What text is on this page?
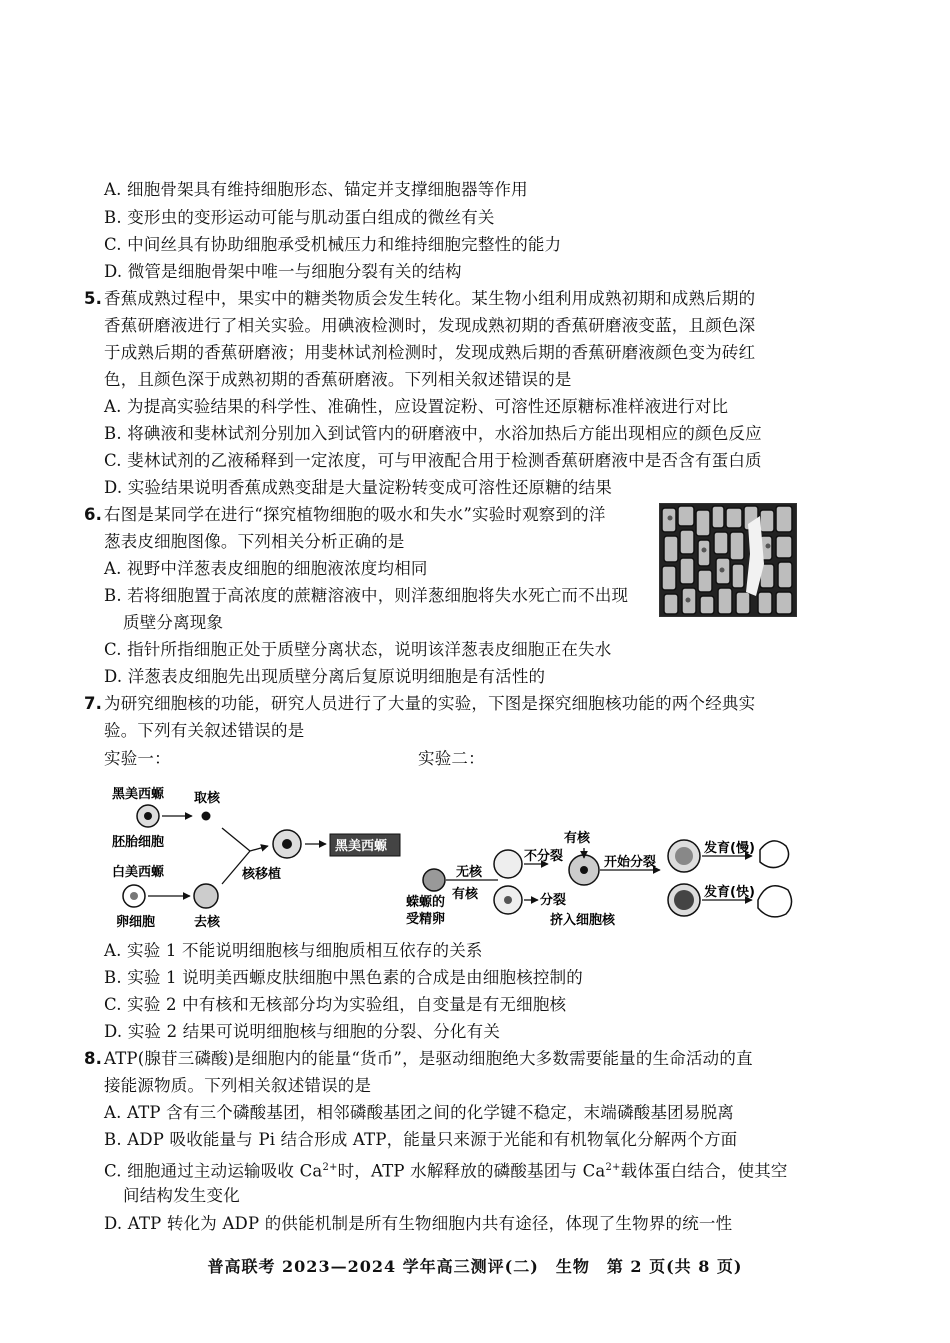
A. 细胞骨架具有维持细胞形态、锚定并支撑细胞器等作用
B. 变形虫的变形运动可能与肌动蛋白组成的微丝有关
C. 中间丝具有协助细胞承受机械压力和维持细胞完整性的能力
D. 微管是细胞骨架中唯一与细胞分裂有关的结构
5. 香蕉成熟过程中，果实中的糖类物质会发生转化。某生物小组利用成熟初期和成熟后期的
香蕉研磨液进行了相关实验。用碘液检测时，发现成熟初期的香蕉研磨液变蓝，且颜色深
于成熟后期的香蕉研磨液；用斐林试剂检测时，发现成熟后期的香蕉研磨液颜色变为砖红
色，且颜色深于成熟初期的香蕉研磨液。下列相关叙述错误的是
A. 为提高实验结果的科学性、准确性，应设置淀粉、可溶性还原糖标准样液进行对比
B. 将碘液和斐林试剂分别加入到试管内的研磨液中，水浴加热后方能出现相应的颜色反应
C. 斐林试剂的乙液稀释到一定浓度，可与甲液配合用于检测香蕉研磨液中是否含有蛋白质
D. 实验结果说明香蕉成熟变甜是大量淀粉转变成可溶性还原糖的结果
6. 右图是某同学在进行“探究植物细胞的吸水和失水”实验时观察到的洋
葱表皮细胞图像。下列相关分析正确的是
A. 视野中洋葱表皮细胞的细胞液浓度均相同
B. 若将细胞置于高浓度的蔗糖溶液中，则洋葱细胞将失水死亡而不出现
质壁分离现象
C. 指针所指细胞正处于质壁分离状态，说明该洋葱表皮细胞正在失水
D. 洋葱表皮细胞先出现质壁分离后复原说明细胞是有活性的
7. 为研究细胞核的功能，研究人员进行了大量的实验，下图是探究细胞核功能的两个经典实
验。下列有关叙述错误的是
实验一：	实验二：
黑美西螈 取核
胚胎细胞
白美西螈
卵细胞	去核
核移植
黑美西螈
蝾螈的
受精卵
无核
有核
不分裂
分裂
有核
挤入细胞核
开始分裂
发育(慢)
发育(快)
A. 实验 1 不能说明细胞核与细胞质相互依存的关系
B. 实验 1 说明美西螈皮肤细胞中黑色素的合成是由细胞核控制的
C. 实验 2 中有核和无核部分均为实验组，自变量是有无细胞核
D. 实验 2 结果可说明细胞核与细胞的分裂、分化有关
8. ATP(腺苷三磷酸)是细胞内的能量“货币”，是驱动细胞绝大多数需要能量的生命活动的直
接能源物质。下列相关叙述错误的是
A. ATP 含有三个磷酸基团，相邻磷酸基团之间的化学键不稳定，末端磷酸基团易脱离
B. ADP 吸收能量与 Pi 结合形成 ATP，能量只来源于光能和有机物氧化分解两个方面
C. 细胞通过主动运输吸收 $Ca^{2+}$时，ATP 水解释放的磷酸基团与 $Ca^{2+}$载体蛋白结合，使其空
间结构发生变化
D. ATP 转化为 ADP 的供能机制是所有生物细胞内共有途径，体现了生物界的统一性
普高联考 2023—2024 学年高三测评(二)　生物　第 2 页(共 8 页)
